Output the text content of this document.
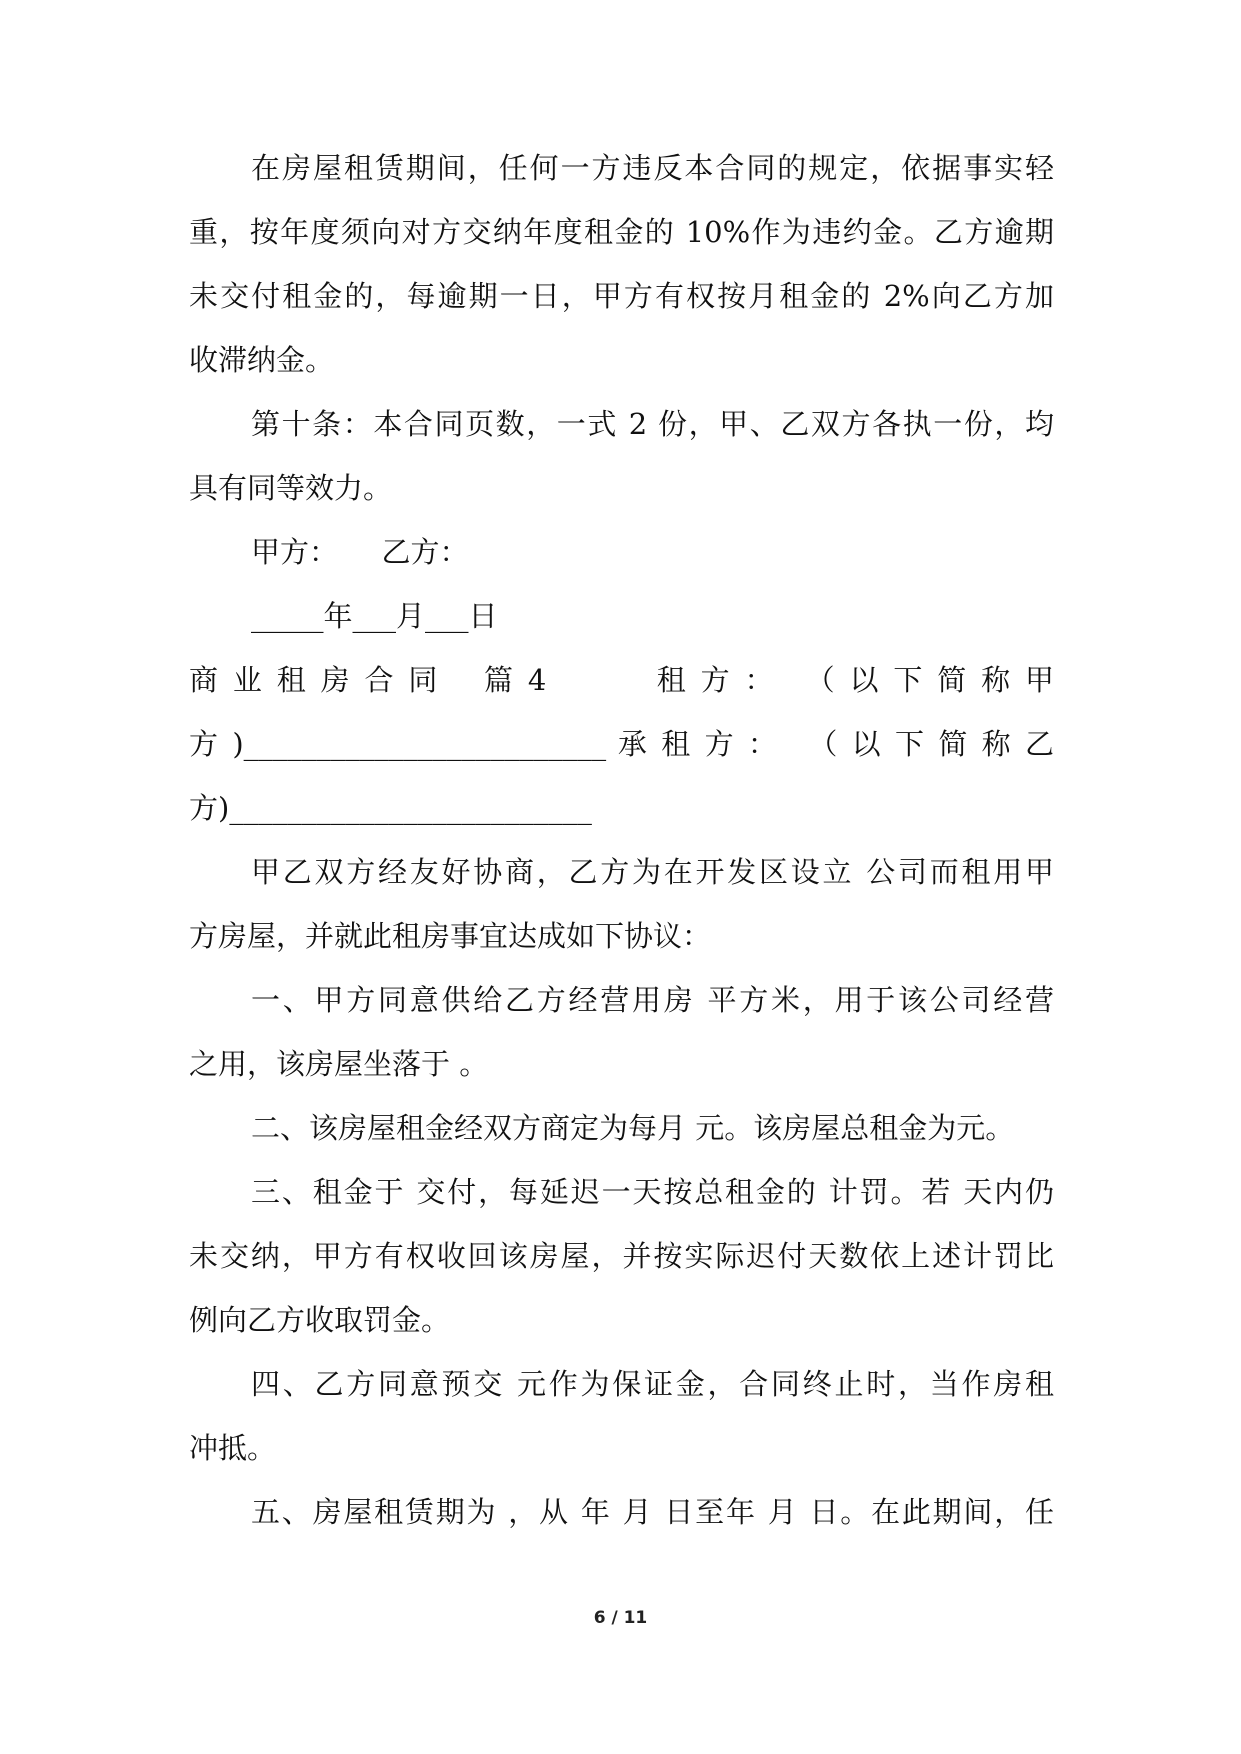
在房屋租赁期间，任何一方违反本合同的规定，依据事实轻
重，按年度须向对方交纳年度租金的 10%作为违约金。乙方逾期
未交付租金的，每逾期一日，甲方有权按月租金的 2%向乙方加
收滞纳金。
第十条：本合同页数，一式 2 份，甲、乙双方各执一份，均
具有同等效力。
甲方：　　乙方：
_____年___月___日
商 业 租 房 合 同　 篇 4　　　 租 方 ：　 （ 以 下 简 称 甲
方 )_________________________ 承 租 方 ：　 （ 以 下 简 称 乙
方)_________________________
甲乙双方经友好协商，乙方为在开发区设立 公司而租用甲
方房屋，并就此租房事宜达成如下协议：
一、甲方同意供给乙方经营用房 平方米，用于该公司经营
之用，该房屋坐落于 。
二、该房屋租金经双方商定为每月 元。该房屋总租金为元。
三、租金于 交付，每延迟一天按总租金的 计罚。若 天内仍
未交纳，甲方有权收回该房屋，并按实际迟付天数依上述计罚比
例向乙方收取罚金。
四、乙方同意预交 元作为保证金，合同终止时，当作房租
冲抵。
五、房屋租赁期为 ，从 年 月 日至年 月 日。在此期间，任
6 / 11
